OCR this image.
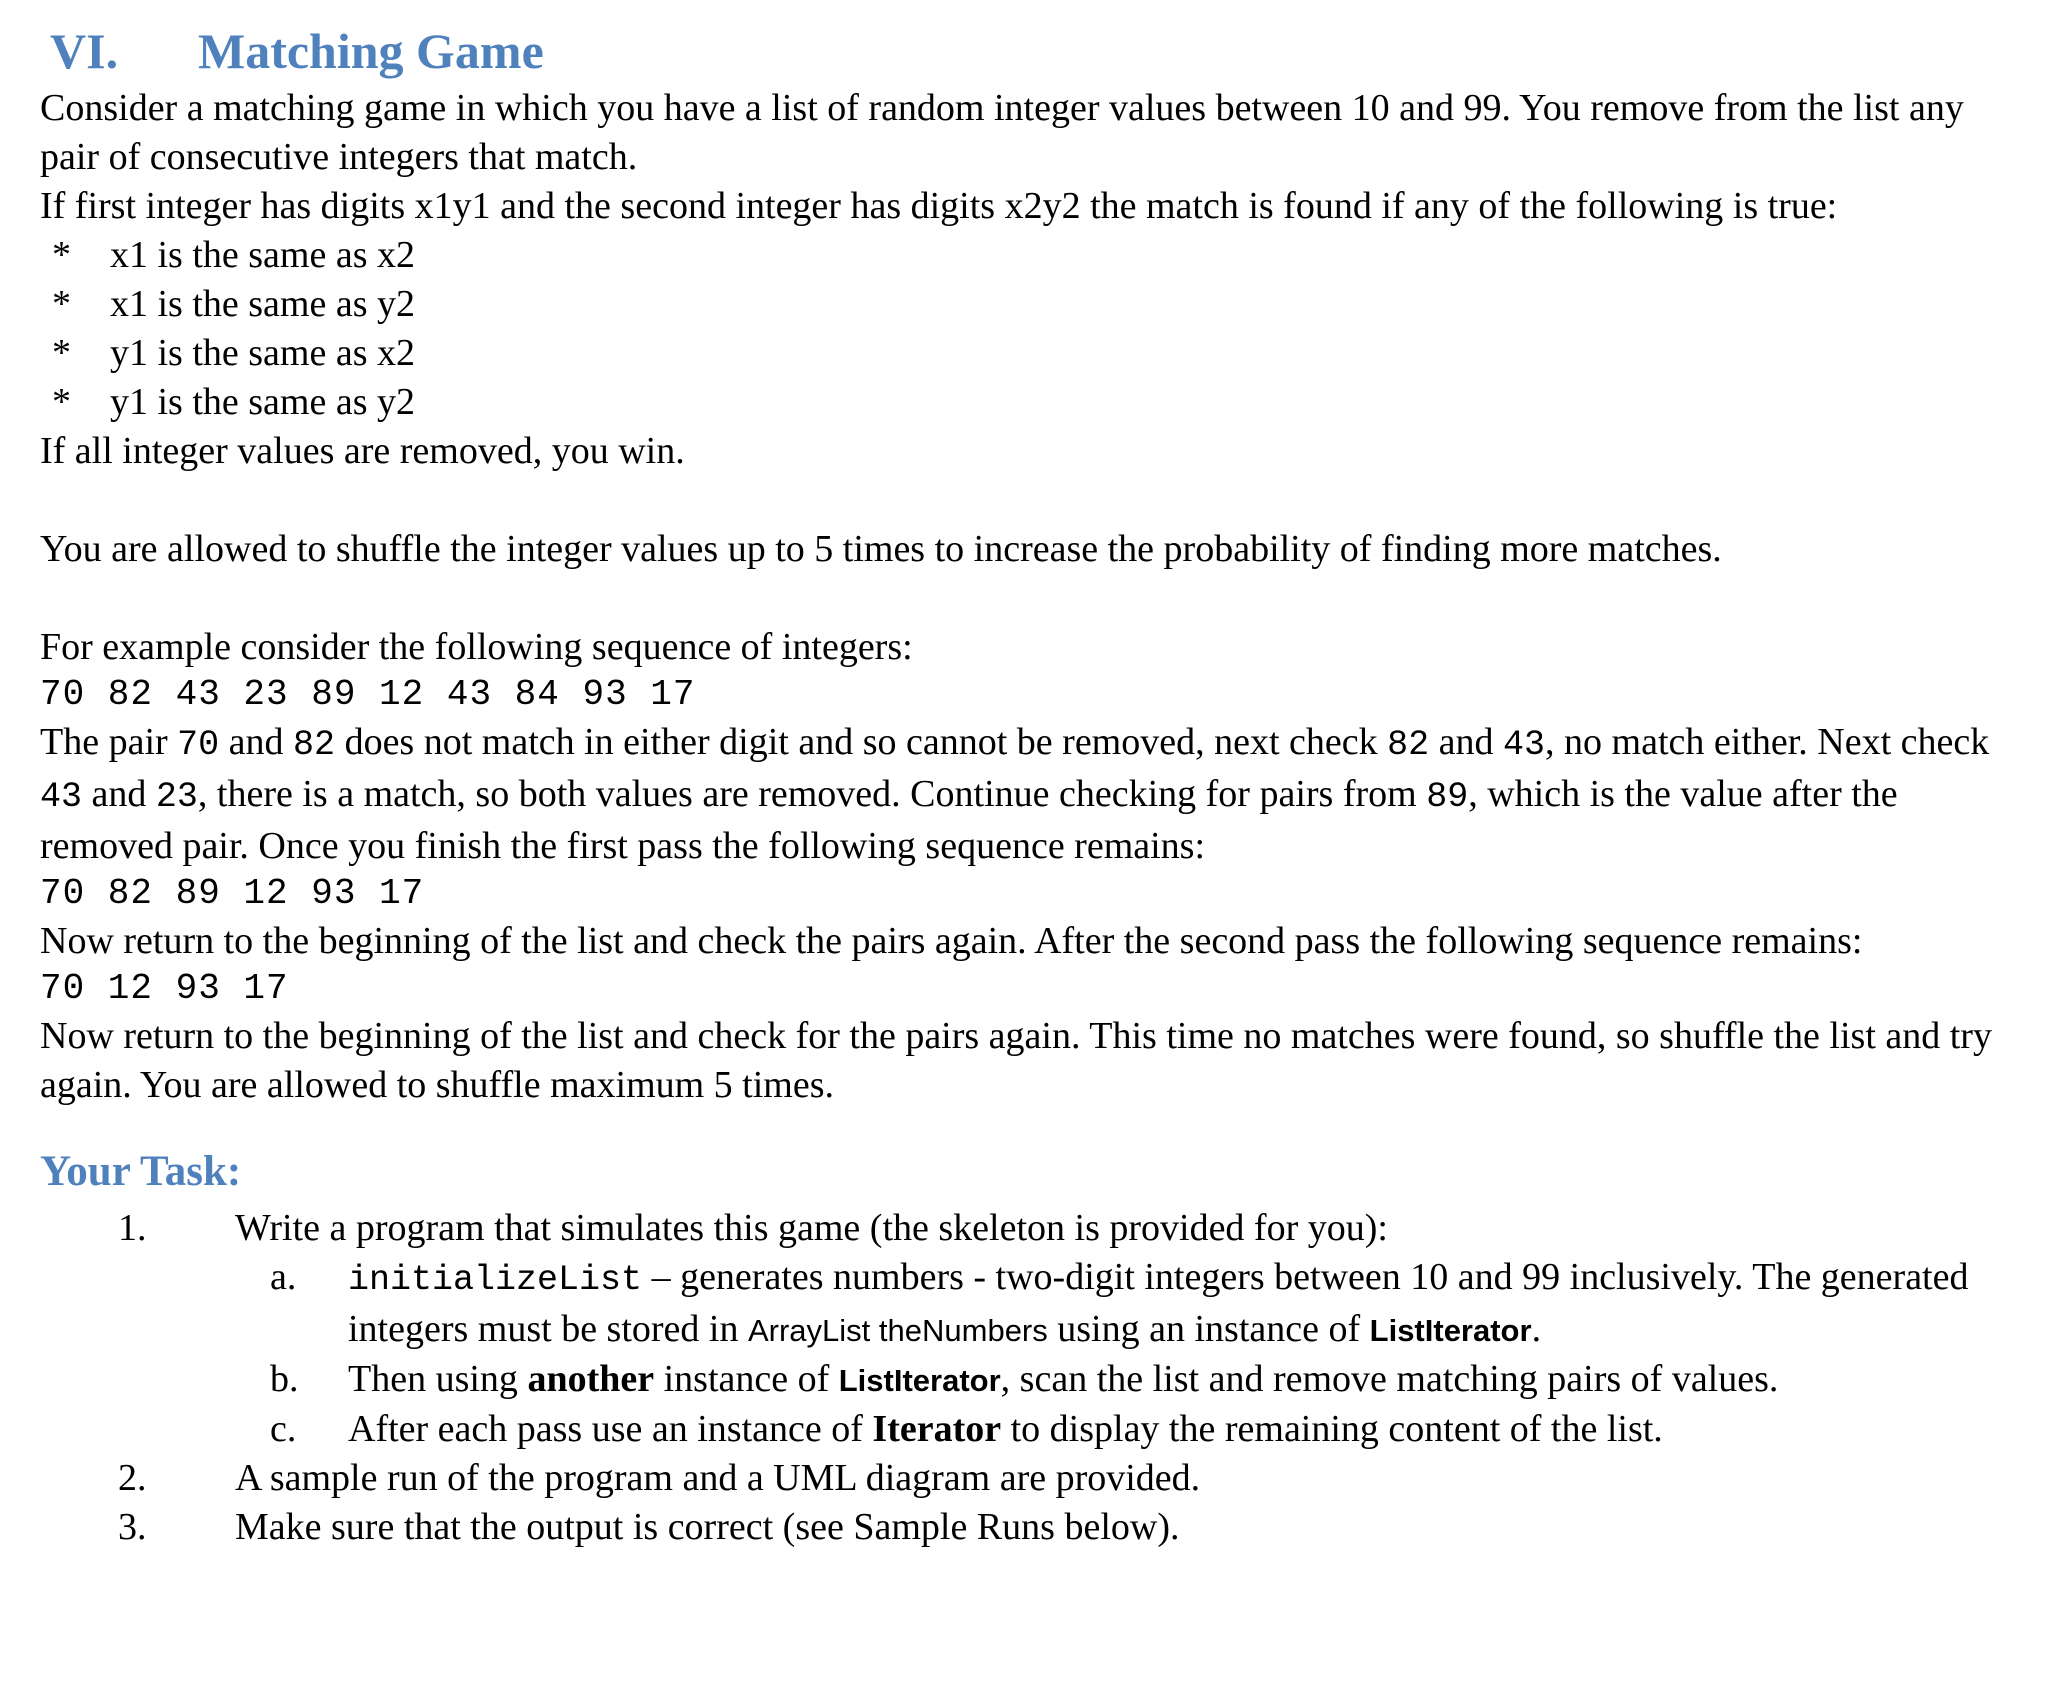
VI.	Matching Game

Consider a matching game in which you have a list of random integer values between 10 and 99. You remove from the list any pair of consecutive integers that match.

If first integer has digits x1y1 and the second integer has digits x2y2 the match is found if any of the following is true:

*	x1 is the same as x2
*	x1 is the same as y2
*	y1 is the same as x2
*	y1 is the same as y2

If all integer values are removed, you win.

You are allowed to shuffle the integer values up to 5 times to increase the probability of finding more matches.

For example consider the following sequence of integers:

70 82 43 23 89 12 43 84 93 17

The pair 70 and 82 does not match in either digit and so cannot be removed, next check 82 and 43, no match either. Next check 43 and 23, there is a match, so both values are removed. Continue checking for pairs from 89, which is the value after the removed pair. Once you finish the first pass the following sequence remains:

70 82 89 12 93 17

Now return to the beginning of the list and check the pairs again. After the second pass the following sequence remains:

70 12 93 17

Now return to the beginning of the list and check for the pairs again. This time no matches were found, so shuffle the list and try again. You are allowed to shuffle maximum 5 times.

Your Task:
1.	Write a program that simulates this game (the skeleton is provided for you):
a.	initializeList – generates numbers - two-digit integers between 10 and 99 inclusively. The generated integers must be stored in ArrayList theNumbers using an instance of ListIterator.
b.	Then using another instance of ListIterator, scan the list and remove matching pairs of values.
c.	After each pass use an instance of Iterator to display the remaining content of the list.
2.	A sample run of the program and a UML diagram are provided.
3.	Make sure that the output is correct (see Sample Runs below).
